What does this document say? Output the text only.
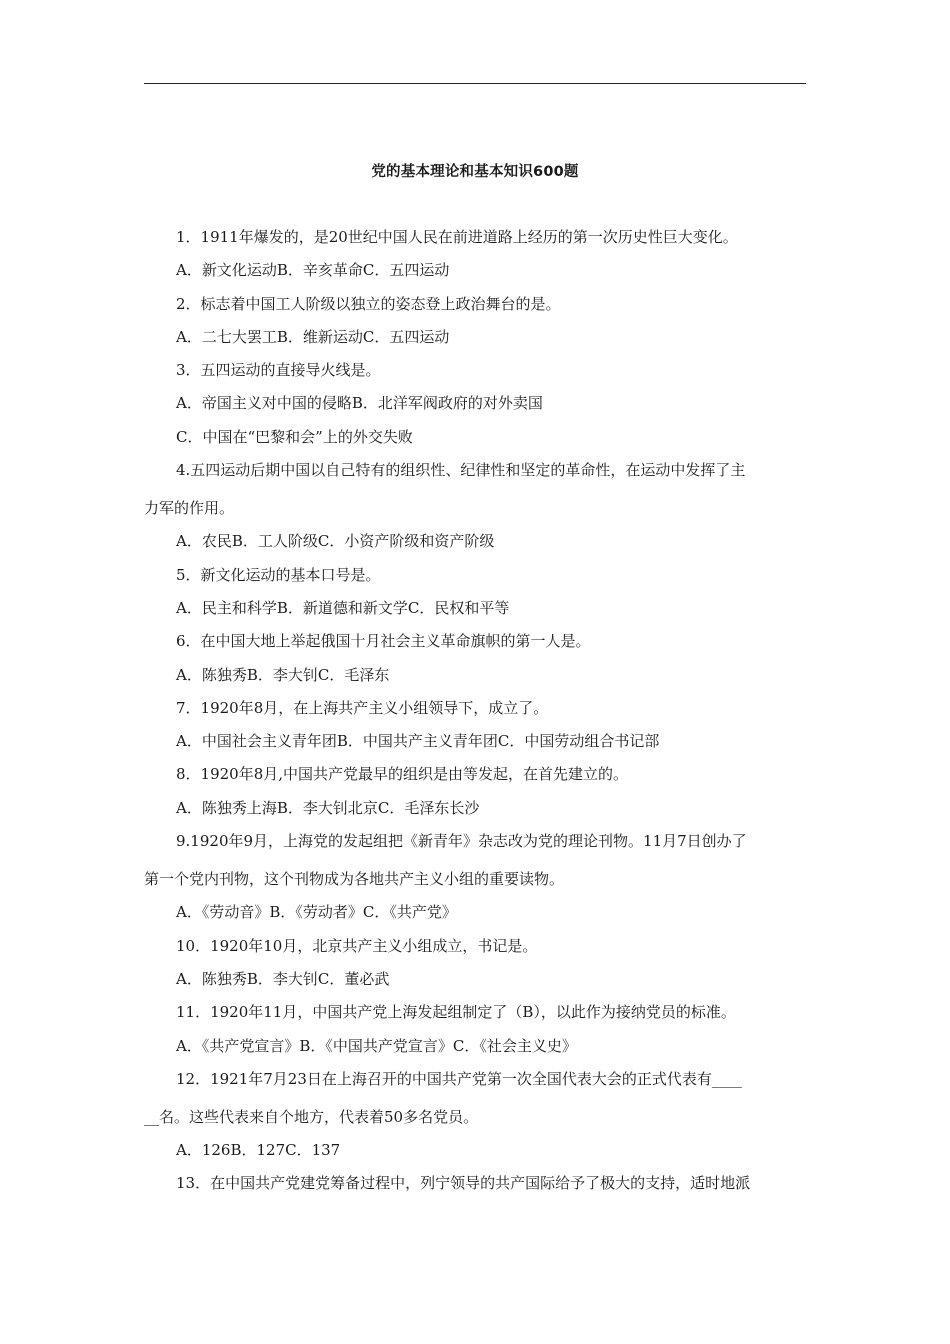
党的基本理论和基本知识600题
1．1911年爆发的，是20世纪中国人民在前进道路上经历的第一次历史性巨大变化。
A．新文化运动B．辛亥革命C．五四运动
2．标志着中国工人阶级以独立的姿态登上政治舞台的是。
A．二七大罢工B．维新运动C．五四运动
3．五四运动的直接导火线是。
A．帝国主义对中国的侵略B．北洋军阀政府的对外卖国
C．中国在“巴黎和会”上的外交失败
4.五四运动后期中国以自己特有的组织性、纪律性和坚定的革命性，在运动中发挥了主
力军的作用。
A．农民B．工人阶级C．小资产阶级和资产阶级
5．新文化运动的基本口号是。
A．民主和科学B．新道德和新文学C．民权和平等
6．在中国大地上举起俄国十月社会主义革命旗帜的第一人是。
A．陈独秀B．李大钊C．毛泽东
7．1920年8月，在上海共产主义小组领导下，成立了。
A．中国社会主义青年团B．中国共产主义青年团C．中国劳动组合书记部
8．1920年8月,中国共产党最早的组织是由等发起，在首先建立的。
A．陈独秀上海B．李大钊北京C．毛泽东长沙
9.1920年9月，上海党的发起组把《新青年》杂志改为党的理论刊物。11月7日创办了
第一个党内刊物，这个刊物成为各地共产主义小组的重要读物。
A．《劳动音》B．《劳动者》C．《共产党》
10．1920年10月，北京共产主义小组成立，书记是。
A．陈独秀B．李大钊C．董必武
11．1920年11月，中国共产党上海发起组制定了（B），以此作为接纳党员的标准。
A．《共产党宣言》B．《中国共产党宣言》C．《社会主义史》
12．1921年7月23日在上海召开的中国共产党第一次全国代表大会的正式代表有____
__名。这些代表来自个地方，代表着50多名党员。
A．126B．127C．137
13．在中国共产党建党筹备过程中，列宁领导的共产国际给予了极大的支持，适时地派
